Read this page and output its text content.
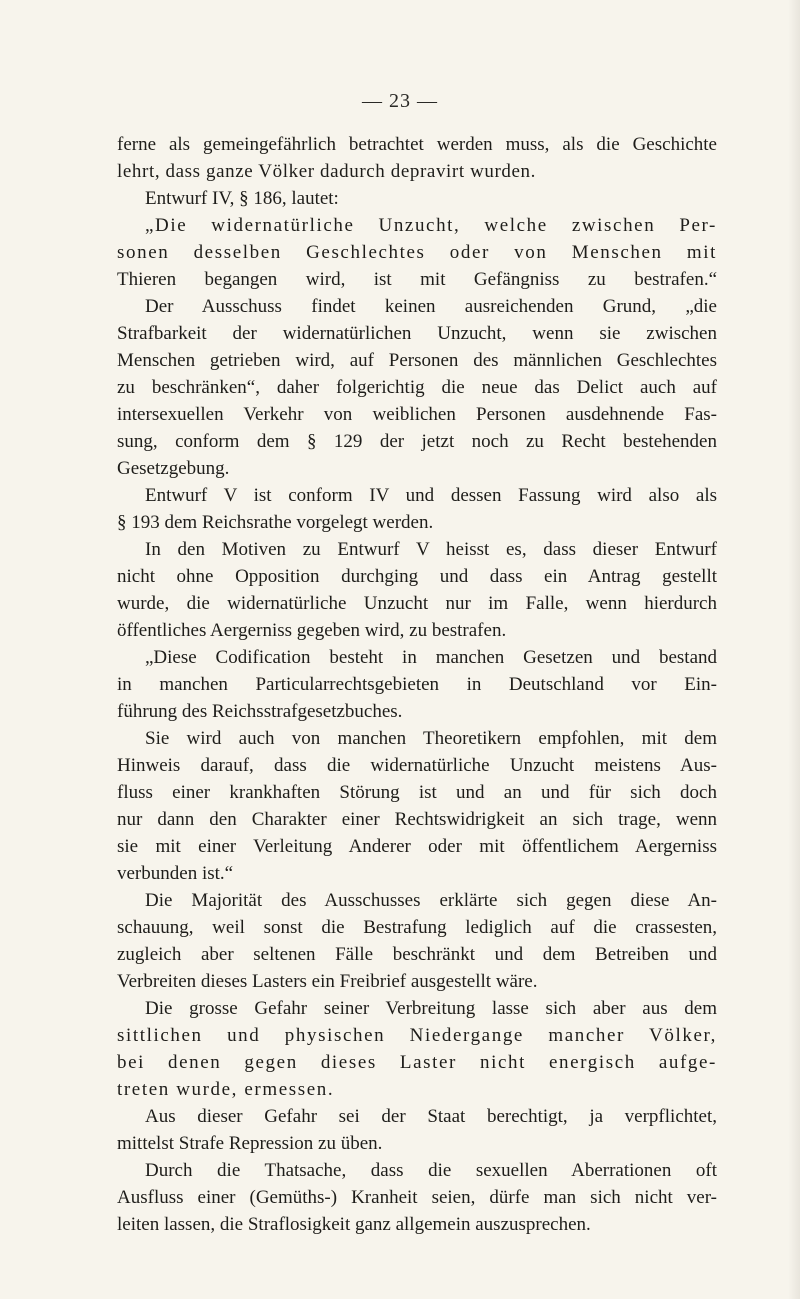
— 23 —
ferne als gemeingefährlich betrachtet werden muss, als die Geschichte
lehrt, dass ganze Völker dadurch depravirt wurden.
Entwurf IV, § 186, lautet:
„Die widernatürliche Unzucht, welche zwischen Per-
sonen desselben Geschlechtes oder von Menschen mit
Thieren begangen wird, ist mit Gefängniss zu bestrafen.“
Der Ausschuss findet keinen ausreichenden Grund, „die
Strafbarkeit der widernatürlichen Unzucht, wenn sie zwischen
Menschen getrieben wird, auf Personen des männlichen Geschlechtes
zu beschränken“, daher folgerichtig die neue das Delict auch auf
intersexuellen Verkehr von weiblichen Personen ausdehnende Fas-
sung, conform dem § 129 der jetzt noch zu Recht bestehenden
Gesetzgebung.
Entwurf V ist conform IV und dessen Fassung wird also als
§ 193 dem Reichsrathe vorgelegt werden.
In den Motiven zu Entwurf V heisst es, dass dieser Entwurf
nicht ohne Opposition durchging und dass ein Antrag gestellt
wurde, die widernatürliche Unzucht nur im Falle, wenn hierdurch
öffentliches Aergerniss gegeben wird, zu bestrafen.
„Diese Codification besteht in manchen Gesetzen und bestand
in manchen Particularrechtsgebieten in Deutschland vor Ein-
führung des Reichsstrafgesetzbuches.
Sie wird auch von manchen Theoretikern empfohlen, mit dem
Hinweis darauf, dass die widernatürliche Unzucht meistens Aus-
fluss einer krankhaften Störung ist und an und für sich doch
nur dann den Charakter einer Rechtswidrigkeit an sich trage, wenn
sie mit einer Verleitung Anderer oder mit öffentlichem Aergerniss
verbunden ist.“
Die Majorität des Ausschusses erklärte sich gegen diese An-
schauung, weil sonst die Bestrafung lediglich auf die crassesten,
zugleich aber seltenen Fälle beschränkt und dem Betreiben und
Verbreiten dieses Lasters ein Freibrief ausgestellt wäre.
Die grosse Gefahr seiner Verbreitung lasse sich aber aus dem
sittlichen und physischen Niedergange mancher Völker,
bei denen gegen dieses Laster nicht energisch aufge-
treten wurde, ermessen.
Aus dieser Gefahr sei der Staat berechtigt, ja verpflichtet,
mittelst Strafe Repression zu üben.
Durch die Thatsache, dass die sexuellen Aberrationen oft
Ausfluss einer (Gemüths-) Kranheit seien, dürfe man sich nicht ver-
leiten lassen, die Straflosigkeit ganz allgemein auszusprechen.
